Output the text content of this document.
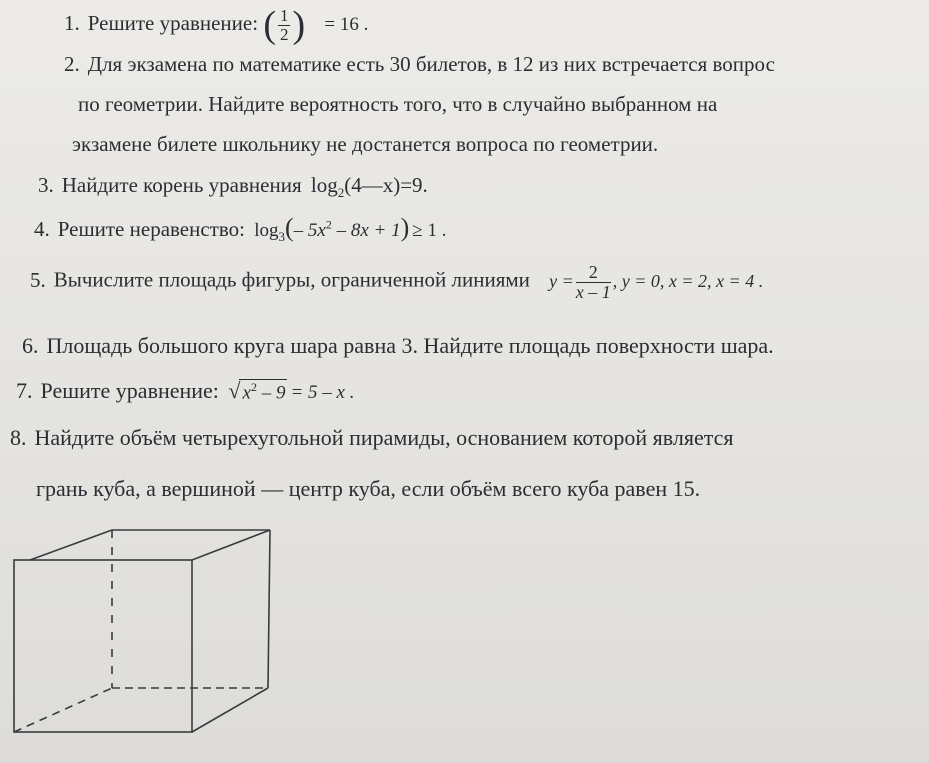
1. Решите уравнение: ( $\frac{1}{2}$ ) = 16 .
2. Для экзамена по математике есть 30 билетов, в 12 из них встречается вопрос
по геометрии. Найдите вероятность того, что в случайно выбранном на
экзамене билете школьнику не достанется вопроса по геометрии.
3. Найдите корень уравнения $\log_2(4—x)=9$.
4. Решите неравенство: $\log_3(-$ $5x^2 - 8x + 1) \ge 1$ .
5. Вычислите площадь фигуры, ограниченной линиями $y = \frac{2}{x - 1}$ , y = 0, x = 2, x = 4 .
6. Площадь большого круга шара равна 3. Найдите площадь поверхности шара.
7. Решите уравнение: √ $x^2 - 9 = 5 - x$ .
8. Найдите объём четырехугольной пирамиды, основанием которой является
грань куба, а вершиной — центр куба, если объём всего куба равен 15.
